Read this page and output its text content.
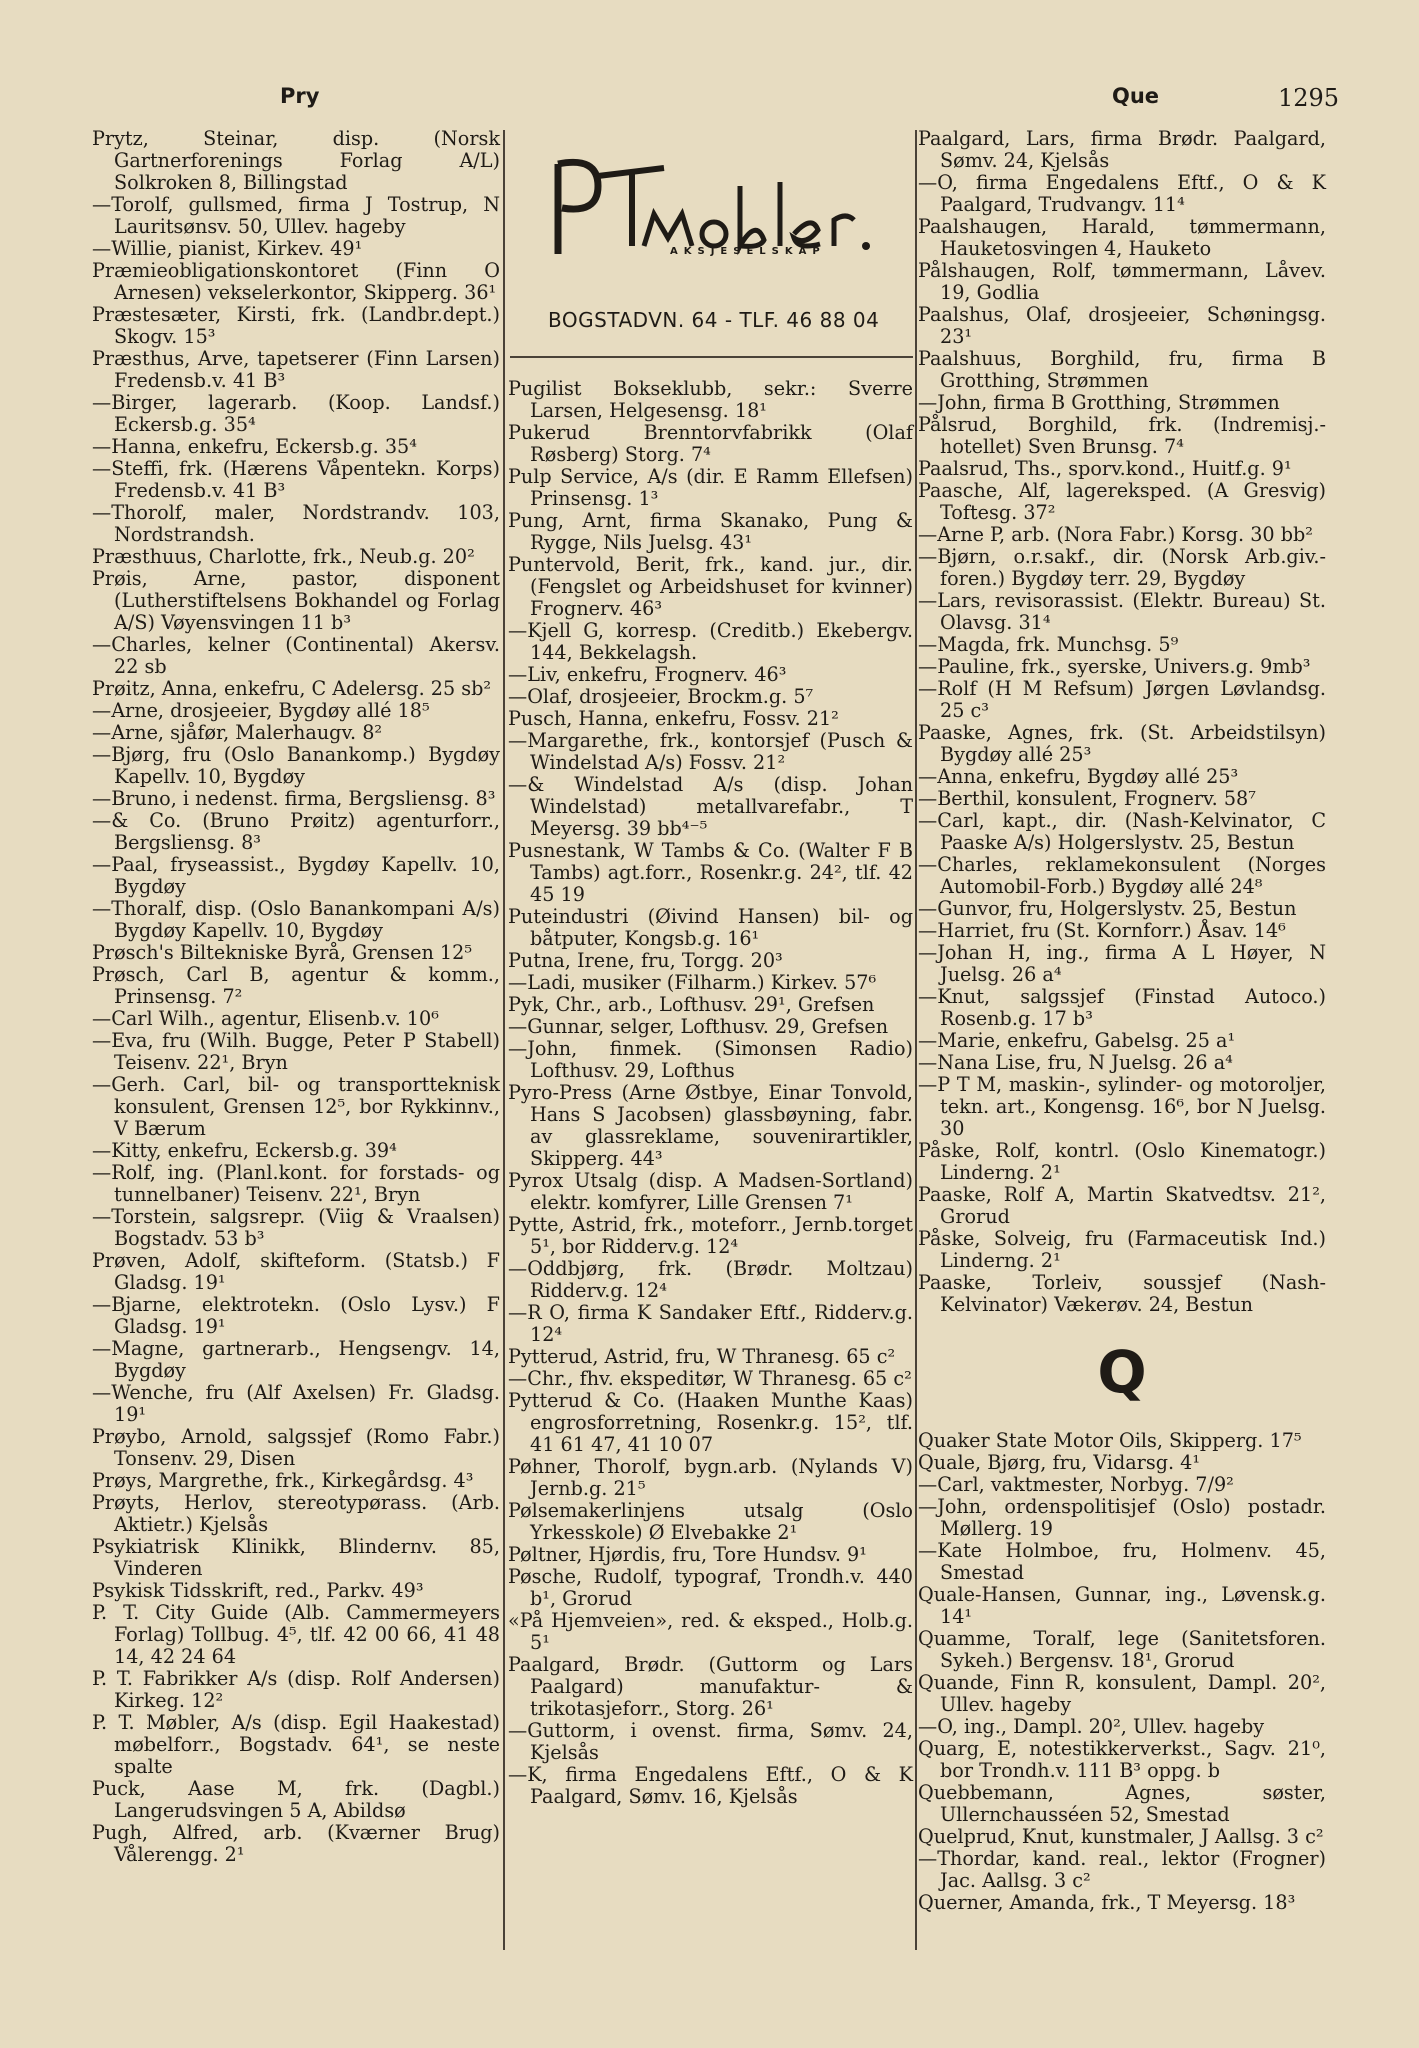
Pry	Que	1295
AKSJESELSKAP
BOGSTADVN. 64 - TLF. 46 88 04

Prytz, Steinar, disp. (Norsk Gartnerforenings Forlag A/L) Solkroken 8, Billingstad

—Torolf, gullsmed, firma J Tostrup, N Lauritsønsv. 50, Ullev. hageby

—Willie, pianist, Kirkev. 49¹

Præmieobligationskontoret (Finn O Arnesen) vekselerkontor, Skipperg. 36¹

Præstesæter, Kirsti, frk. (Landbr.dept.) Skogv. 15³

Præsthus, Arve, tapetserer (Finn Larsen) Fredensb.v. 41 B³

—Birger, lagerarb. (Koop. Landsf.) Eckersb.g. 35⁴

—Hanna, enkefru, Eckersb.g. 35⁴

—Steffi, frk. (Hærens Våpentekn. Korps) Fredensb.v. 41 B³

—Thorolf, maler, Nordstrandv. 103, Nordstrandsh.

Præsthuus, Charlotte, frk., Neub.g. 20²

Prøis, Arne, pastor, disponent (Lutherstiftelsens Bokhandel og Forlag A/S) Vøyensvingen 11 b³

—Charles, kelner (Continental) Akersv. 22 sb

Prøitz, Anna, enkefru, C Adelersg. 25 sb²

—Arne, drosjeeier, Bygdøy allé 18⁵

—Arne, sjåfør, Malerhaugv. 8²

—Bjørg, fru (Oslo Banankomp.) Bygdøy Kapellv. 10, Bygdøy

—Bruno, i nedenst. firma, Bergsliensg. 8³

—& Co. (Bruno Prøitz) agenturforr., Bergsliensg. 8³

—Paal, fryseassist., Bygdøy Kapellv. 10, Bygdøy

—Thoralf, disp. (Oslo Banankompani A/s) Bygdøy Kapellv. 10, Bygdøy

Prøsch's Biltekniske Byrå, Grensen 12⁵

Prøsch, Carl B, agentur & komm., Prinsensg. 7²

—Carl Wilh., agentur, Elisenb.v. 10⁶

—Eva, fru (Wilh. Bugge, Peter P Stabell) Teisenv. 22¹, Bryn

—Gerh. Carl, bil- og transportteknisk konsulent, Grensen 12⁵, bor Rykkinnv., V Bærum

—Kitty, enkefru, Eckersb.g. 39⁴

—Rolf, ing. (Planl.kont. for forstads- og tunnelbaner) Teisenv. 22¹, Bryn

—Torstein, salgsrepr. (Viig & Vraalsen) Bogstadv. 53 b³

Prøven, Adolf, skifteform. (Statsb.) F Gladsg. 19¹

—Bjarne, elektrotekn. (Oslo Lysv.) F Gladsg. 19¹

—Magne, gartnerarb., Hengsengv. 14, Bygdøy

—Wenche, fru (Alf Axelsen) Fr. Gladsg. 19¹

Prøybo, Arnold, salgssjef (Romo Fabr.) Tonsenv. 29, Disen

Prøys, Margrethe, frk., Kirkegårdsg. 4³

Prøyts, Herlov, stereotypørass. (Arb. Aktietr.) Kjelsås

Psykiatrisk Klinikk, Blindernv. 85, Vinderen

Psykisk Tidsskrift, red., Parkv. 49³

P. T. City Guide (Alb. Cammermeyers Forlag) Tollbug. 4⁵, tlf. 42 00 66, 41 48 14, 42 24 64

P. T. Fabrikker A/s (disp. Rolf Andersen) Kirkeg. 12²

P. T. Møbler, A/s (disp. Egil Haakestad) møbelforr., Bogstadv. 64¹, se neste spalte

Puck, Aase M, frk. (Dagbl.) Langerudsvingen 5 A, Abildsø

Pugh, Alfred, arb. (Kværner Brug) Vålerengg. 2¹

Pugilist Bokseklubb, sekr.: Sverre Larsen, Helgesensg. 18¹

Pukerud Brenntorvfabrikk (Olaf Røsberg) Storg. 7⁴

Pulp Service, A/s (dir. E Ramm Ellefsen) Prinsensg. 1³

Pung, Arnt, firma Skanako, Pung & Rygge, Nils Juelsg. 43¹

Puntervold, Berit, frk., kand. jur., dir. (Fengslet og Arbeidshuset for kvinner) Frognerv. 46³

—Kjell G, korresp. (Creditb.) Ekebergv. 144, Bekkelagsh.

—Liv, enkefru, Frognerv. 46³

—Olaf, drosjeeier, Brockm.g. 5⁷

Pusch, Hanna, enkefru, Fossv. 21²

—Margarethe, frk., kontorsjef (Pusch & Windelstad A/s) Fossv. 21²

—& Windelstad A/s (disp. Johan Windelstad) metallvarefabr., T Meyersg. 39 bb⁴⁻⁵

Pusnestank, W Tambs & Co. (Walter F B Tambs) agt.forr., Rosenkr.g. 24², tlf. 42 45 19

Puteindustri (Øivind Hansen) bil- og båtputer, Kongsb.g. 16¹

Putna, Irene, fru, Torgg. 20³

—Ladi, musiker (Filharm.) Kirkev. 57⁶

Pyk, Chr., arb., Lofthusv. 29¹, Grefsen

—Gunnar, selger, Lofthusv. 29, Grefsen

—John, finmek. (Simonsen Radio) Lofthusv. 29, Lofthus

Pyro-Press (Arne Østbye, Einar Tonvold, Hans S Jacobsen) glassbøyning, fabr. av glassreklame, souvenirartikler, Skipperg. 44³

Pyrox Utsalg (disp. A Madsen-Sortland) elektr. komfyrer, Lille Grensen 7¹

Pytte, Astrid, frk., moteforr., Jernb.torget 5¹, bor Ridderv.g. 12⁴

—Oddbjørg, frk. (Brødr. Moltzau) Ridderv.g. 12⁴

—R O, firma K Sandaker Eftf., Ridderv.g. 12⁴

Pytterud, Astrid, fru, W Thranesg. 65 c²

—Chr., fhv. ekspeditør, W Thranesg. 65 c²

Pytterud & Co. (Haaken Munthe Kaas) engrosforretning, Rosenkr.g. 15², tlf. 41 61 47, 41 10 07

Pøhner, Thorolf, bygn.arb. (Nylands V) Jernb.g. 21⁵

Pølsemakerlinjens utsalg (Oslo Yrkesskole) Ø Elvebakke 2¹

Pøltner, Hjørdis, fru, Tore Hundsv. 9¹

Pøsche, Rudolf, typograf, Trondh.v. 440 b¹, Grorud

«På Hjemveien», red. & eksped., Holb.g. 5¹

Paalgard, Brødr. (Guttorm og Lars Paalgard) manufaktur- & trikotasjeforr., Storg. 26¹

—Guttorm, i ovenst. firma, Sømv. 24, Kjelsås

—K, firma Engedalens Eftf., O & K Paalgard, Sømv. 16, Kjelsås

Paalgard, Lars, firma Brødr. Paalgard, Sømv. 24, Kjelsås

—O, firma Engedalens Eftf., O & K Paalgard, Trudvangv. 11⁴

Paalshaugen, Harald, tømmermann, Hauketosvingen 4, Hauketo

Pålshaugen, Rolf, tømmermann, Låvev. 19, Godlia

Paalshus, Olaf, drosjeeier, Schøningsg. 23¹

Paalshuus, Borghild, fru, firma B Grotthing, Strømmen

—John, firma B Grotthing, Strømmen

Pålsrud, Borghild, frk. (Indremisj.-hotellet) Sven Brunsg. 7⁴

Paalsrud, Ths., sporv.kond., Huitf.g. 9¹

Paasche, Alf, lagereksped. (A Gresvig) Toftesg. 37²

—Arne P, arb. (Nora Fabr.) Korsg. 30 bb²

—Bjørn, o.r.sakf., dir. (Norsk Arb.giv.-foren.) Bygdøy terr. 29, Bygdøy

—Lars, revisorassist. (Elektr. Bureau) St. Olavsg. 31⁴

—Magda, frk. Munchsg. 5⁹

—Pauline, frk., syerske, Univers.g. 9mb³

—Rolf (H M Refsum) Jørgen Løvlandsg. 25 c³

Paaske, Agnes, frk. (St. Arbeidstilsyn) Bygdøy allé 25³

—Anna, enkefru, Bygdøy allé 25³

—Berthil, konsulent, Frognerv. 58⁷

—Carl, kapt., dir. (Nash-Kelvinator, C Paaske A/s) Holgerslystv. 25, Bestun

—Charles, reklamekonsulent (Norges Automobil-Forb.) Bygdøy allé 24⁸

—Gunvor, fru, Holgerslystv. 25, Bestun

—Harriet, fru (St. Kornforr.) Åsav. 14⁶

—Johan H, ing., firma A L Høyer, N Juelsg. 26 a⁴

—Knut, salgssjef (Finstad Autoco.) Rosenb.g. 17 b³

—Marie, enkefru, Gabelsg. 25 a¹

—Nana Lise, fru, N Juelsg. 26 a⁴

—P T M, maskin-, sylinder- og motoroljer, tekn. art., Kongensg. 16⁶, bor N Juelsg. 30

Påske, Rolf, kontrl. (Oslo Kinematogr.) Linderng. 2¹

Paaske, Rolf A, Martin Skatvedtsv. 21², Grorud

Påske, Solveig, fru (Farmaceutisk Ind.) Linderng. 2¹

Paaske, Torleiv, soussjef (Nash-Kelvinator) Vækerøv. 24, Bestun

Q

Quaker State Motor Oils, Skipperg. 17⁵

Quale, Bjørg, fru, Vidarsg. 4¹

—Carl, vaktmester, Norbyg. 7/9²

—John, ordenspolitisjef (Oslo) postadr. Møllerg. 19

—Kate Holmboe, fru, Holmenv. 45, Smestad

Quale-Hansen, Gunnar, ing., Løvensk.g. 14¹

Quamme, Toralf, lege (Sanitetsforen. Sykeh.) Bergensv. 18¹, Grorud

Quande, Finn R, konsulent, Dampl. 20², Ullev. hageby

—O, ing., Dampl. 20², Ullev. hageby

Quarg, E, notestikkerverkst., Sagv. 21⁰, bor Trondh.v. 111 B³ oppg. b

Quebbemann, Agnes, søster, Ullernchausséen 52, Smestad

Quelprud, Knut, kunstmaler, J Aallsg. 3 c²

—Thordar, kand. real., lektor (Frogner) Jac. Aallsg. 3 c²

Querner, Amanda, frk., T Meyersg. 18³
